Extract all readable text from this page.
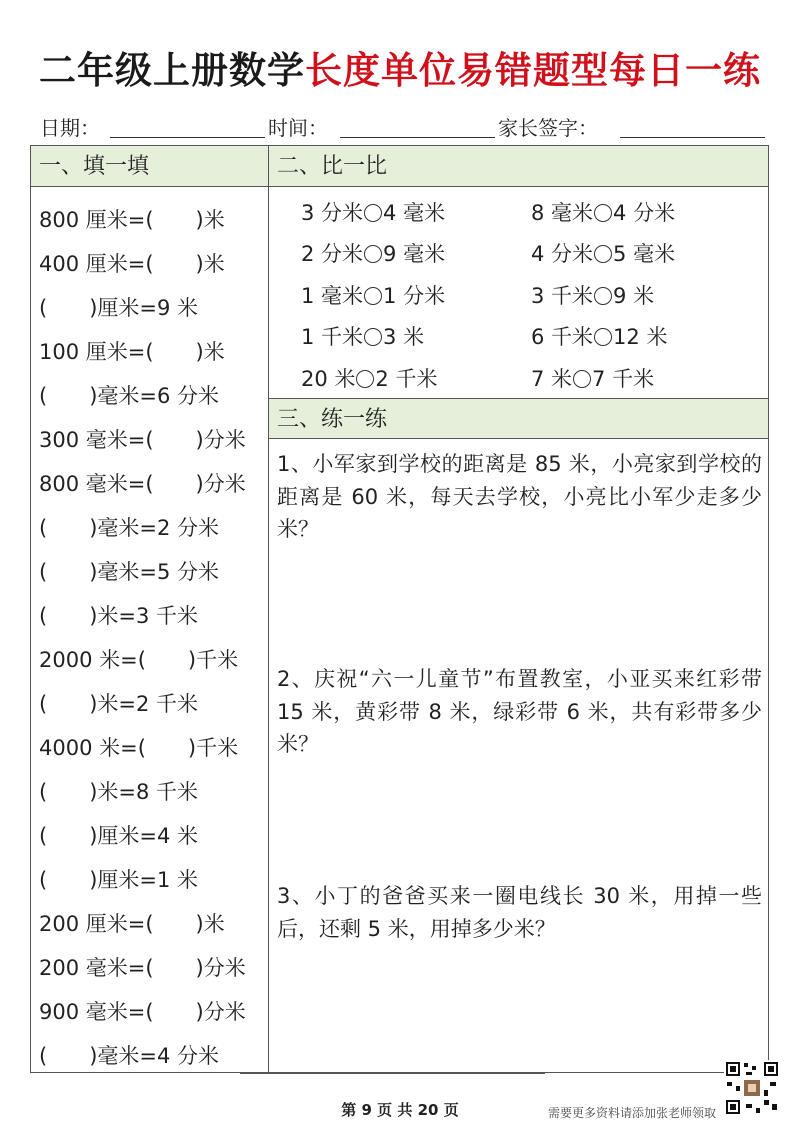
二年级上册数学长度单位易错题型每日一练
日期：	时间：	家长签字：
一、填一填
800 厘米=(　　)米
400 厘米=(　　)米
(　　)厘米=9 米
100 厘米=(　　)米
(　　)毫米=6 分米
300 毫米=(　　)分米
800 毫米=(　　)分米
(　　)毫米=2 分米
(　　)毫米=5 分米
(　　)米=3 千米
2000 米=(　　)千米
(　　)米=2 千米
4000 米=(　　)千米
(　　)米=8 千米
(　　)厘米=4 米
(　　)厘米=1 米
200 厘米=(　　)米
200 毫米=(　　)分米
900 毫米=(　　)分米
(　　)毫米=4 分米
二、比一比
3 分米 4 毫米	8 毫米 4 分米
2 分米 9 毫米	4 分米 5 毫米
1 毫米 1 分米	3 千米 9 米
1 千米 3 米	6 千米 12 米
20 米 2 千米	7 米 7 千米
三、练一练
1、小军家到学校的距离是 85 米，小亮家到学校的距离是 60 米，每天去学校，小亮比小军少走多少米？
2、庆祝“六一儿童节”布置教室，小亚买来红彩带 15 米，黄彩带 8 米，绿彩带 6 米，共有彩带多少米？
3、小丁的爸爸买来一圈电线长 30 米，用掉一些后，还剩 5 米，用掉多少米？
第 9 页 共 20 页	需要更多资料请添加张老师领取
